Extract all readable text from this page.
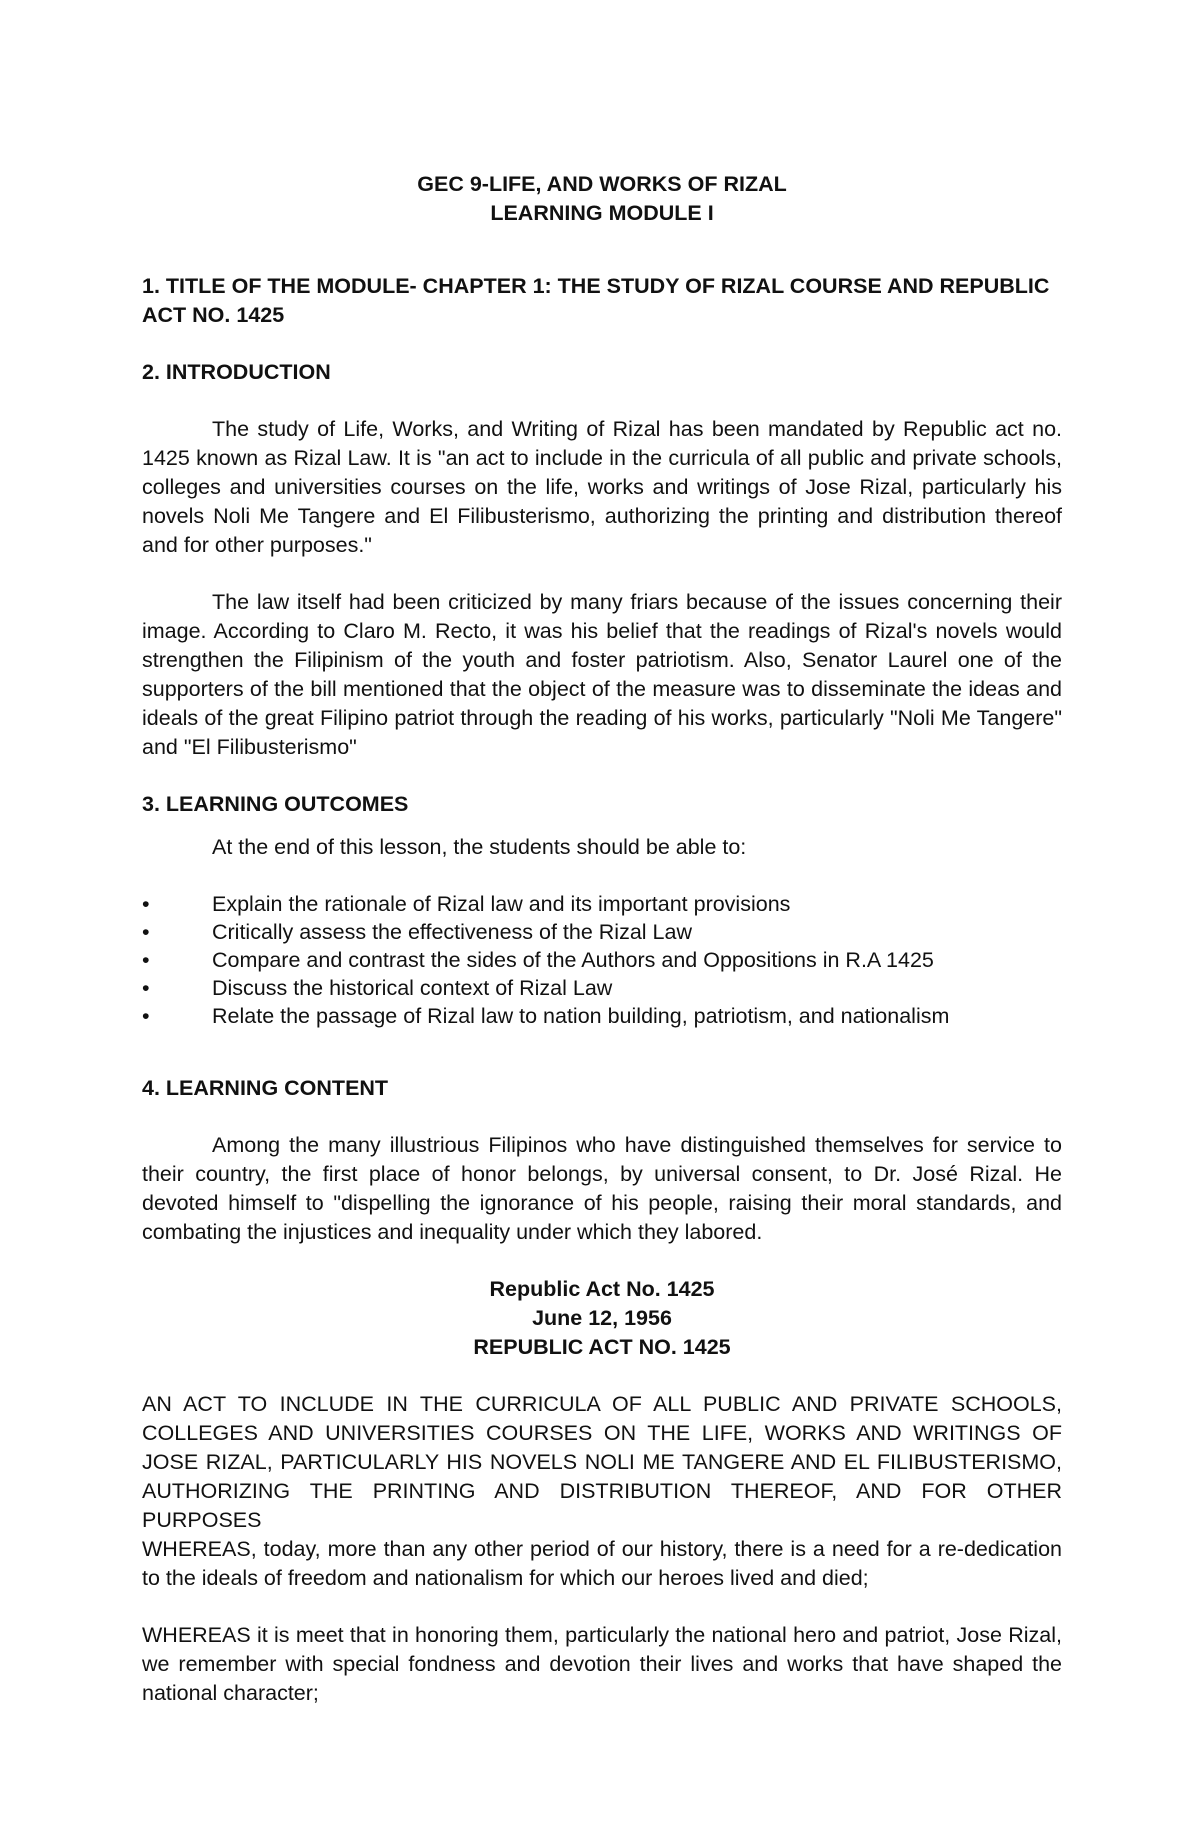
GEC 9-LIFE, AND WORKS OF RIZAL
LEARNING MODULE I

1. TITLE OF THE MODULE- CHAPTER 1: THE STUDY OF RIZAL COURSE AND REPUBLIC ACT NO. 1425

2. INTRODUCTION

The study of Life, Works, and Writing of Rizal has been mandated by Republic act no. 1425 known as Rizal Law. It is "an act to include in the curricula of all public and private schools, colleges and universities courses on the life, works and writings of Jose Rizal, particularly his novels Noli Me Tangere and El Filibusterismo, authorizing the printing and distribution thereof and for other purposes."

The law itself had been criticized by many friars because of the issues concerning their image. According to Claro M. Recto, it was his belief that the readings of Rizal's novels would strengthen the Filipinism of the youth and foster patriotism. Also, Senator Laurel one of the supporters of the bill mentioned that the object of the measure was to disseminate the ideas and ideals of the great Filipino patriot through the reading of his works, particularly "Noli Me Tangere" and "El Filibusterismo"

3. LEARNING OUTCOMES

At the end of this lesson, the students should be able to:

•	Explain the rationale of Rizal law and its important provisions
•	Critically assess the effectiveness of the Rizal Law
•	Compare and contrast the sides of the Authors and Oppositions in R.A 1425
•	Discuss the historical context of Rizal Law
•	Relate the passage of Rizal law to nation building, patriotism, and nationalism

4. LEARNING CONTENT

Among the many illustrious Filipinos who have distinguished themselves for service to their country, the first place of honor belongs, by universal consent, to Dr. José Rizal. He devoted himself to "dispelling the ignorance of his people, raising their moral standards, and combating the injustices and inequality under which they labored.

Republic Act No. 1425
June 12, 1956
REPUBLIC ACT NO. 1425

AN ACT TO INCLUDE IN THE CURRICULA OF ALL PUBLIC AND PRIVATE SCHOOLS, COLLEGES AND UNIVERSITIES COURSES ON THE LIFE, WORKS AND WRITINGS OF JOSE RIZAL, PARTICULARLY HIS NOVELS NOLI ME TANGERE AND EL FILIBUSTERISMO, AUTHORIZING THE PRINTING AND DISTRIBUTION THEREOF, AND FOR OTHER PURPOSES

WHEREAS, today, more than any other period of our history, there is a need for a re-dedication to the ideals of freedom and nationalism for which our heroes lived and died;

WHEREAS it is meet that in honoring them, particularly the national hero and patriot, Jose Rizal, we remember with special fondness and devotion their lives and works that have shaped the national character;
